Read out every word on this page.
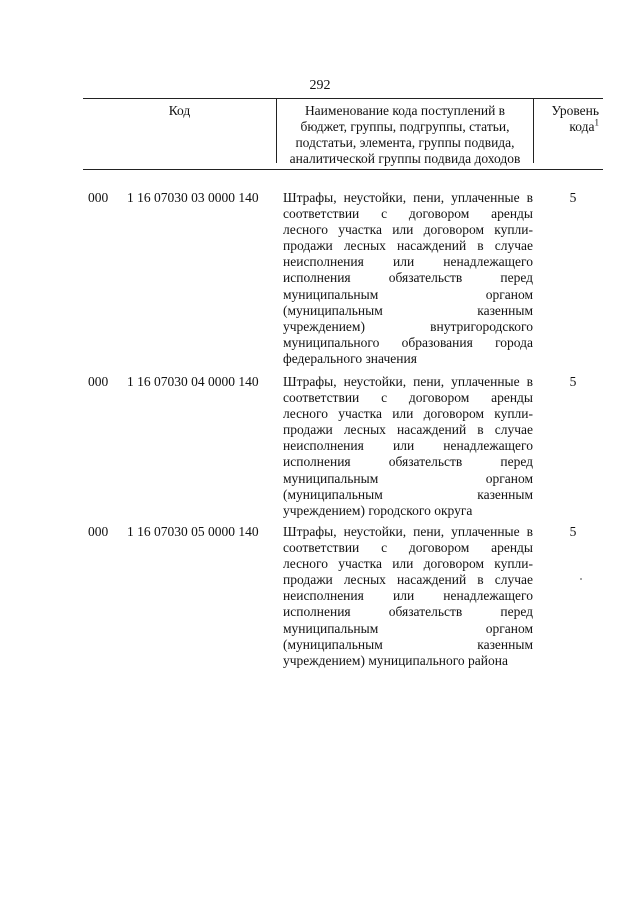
292
Код	Наименование кода поступлений в
бюджет, группы, подгруппы, статьи,
подстатьи, элемента, группы подвида,
аналитической группы подвида доходов
Уровень
кода$^1$
000	1 16 07030 03 0000 140	Штрафы, неустойки, пени, уплаченные в
соответствии с договором аренды
лесного участка или договором купли-
продажи лесных насаждений в случае
неисполнения или ненадлежащего
исполнения обязательств перед
муниципальным органом
(муниципальным казенным
учреждением) внутригородского
муниципального образования города
федерального значения
5
000	1 16 07030 04 0000 140	Штрафы, неустойки, пени, уплаченные в
соответствии с договором аренды
лесного участка или договором купли-
продажи лесных насаждений в случае
неисполнения или ненадлежащего
исполнения обязательств перед
муниципальным органом
(муниципальным казенным
учреждением) городского округа
5
000	1 16 07030 05 0000 140	Штрафы, неустойки, пени, уплаченные в
соответствии с договором аренды
лесного участка или договором купли-
продажи лесных насаждений в случае
неисполнения или ненадлежащего
исполнения обязательств перед
муниципальным органом
(муниципальным казенным
учреждением) муниципального района
5
